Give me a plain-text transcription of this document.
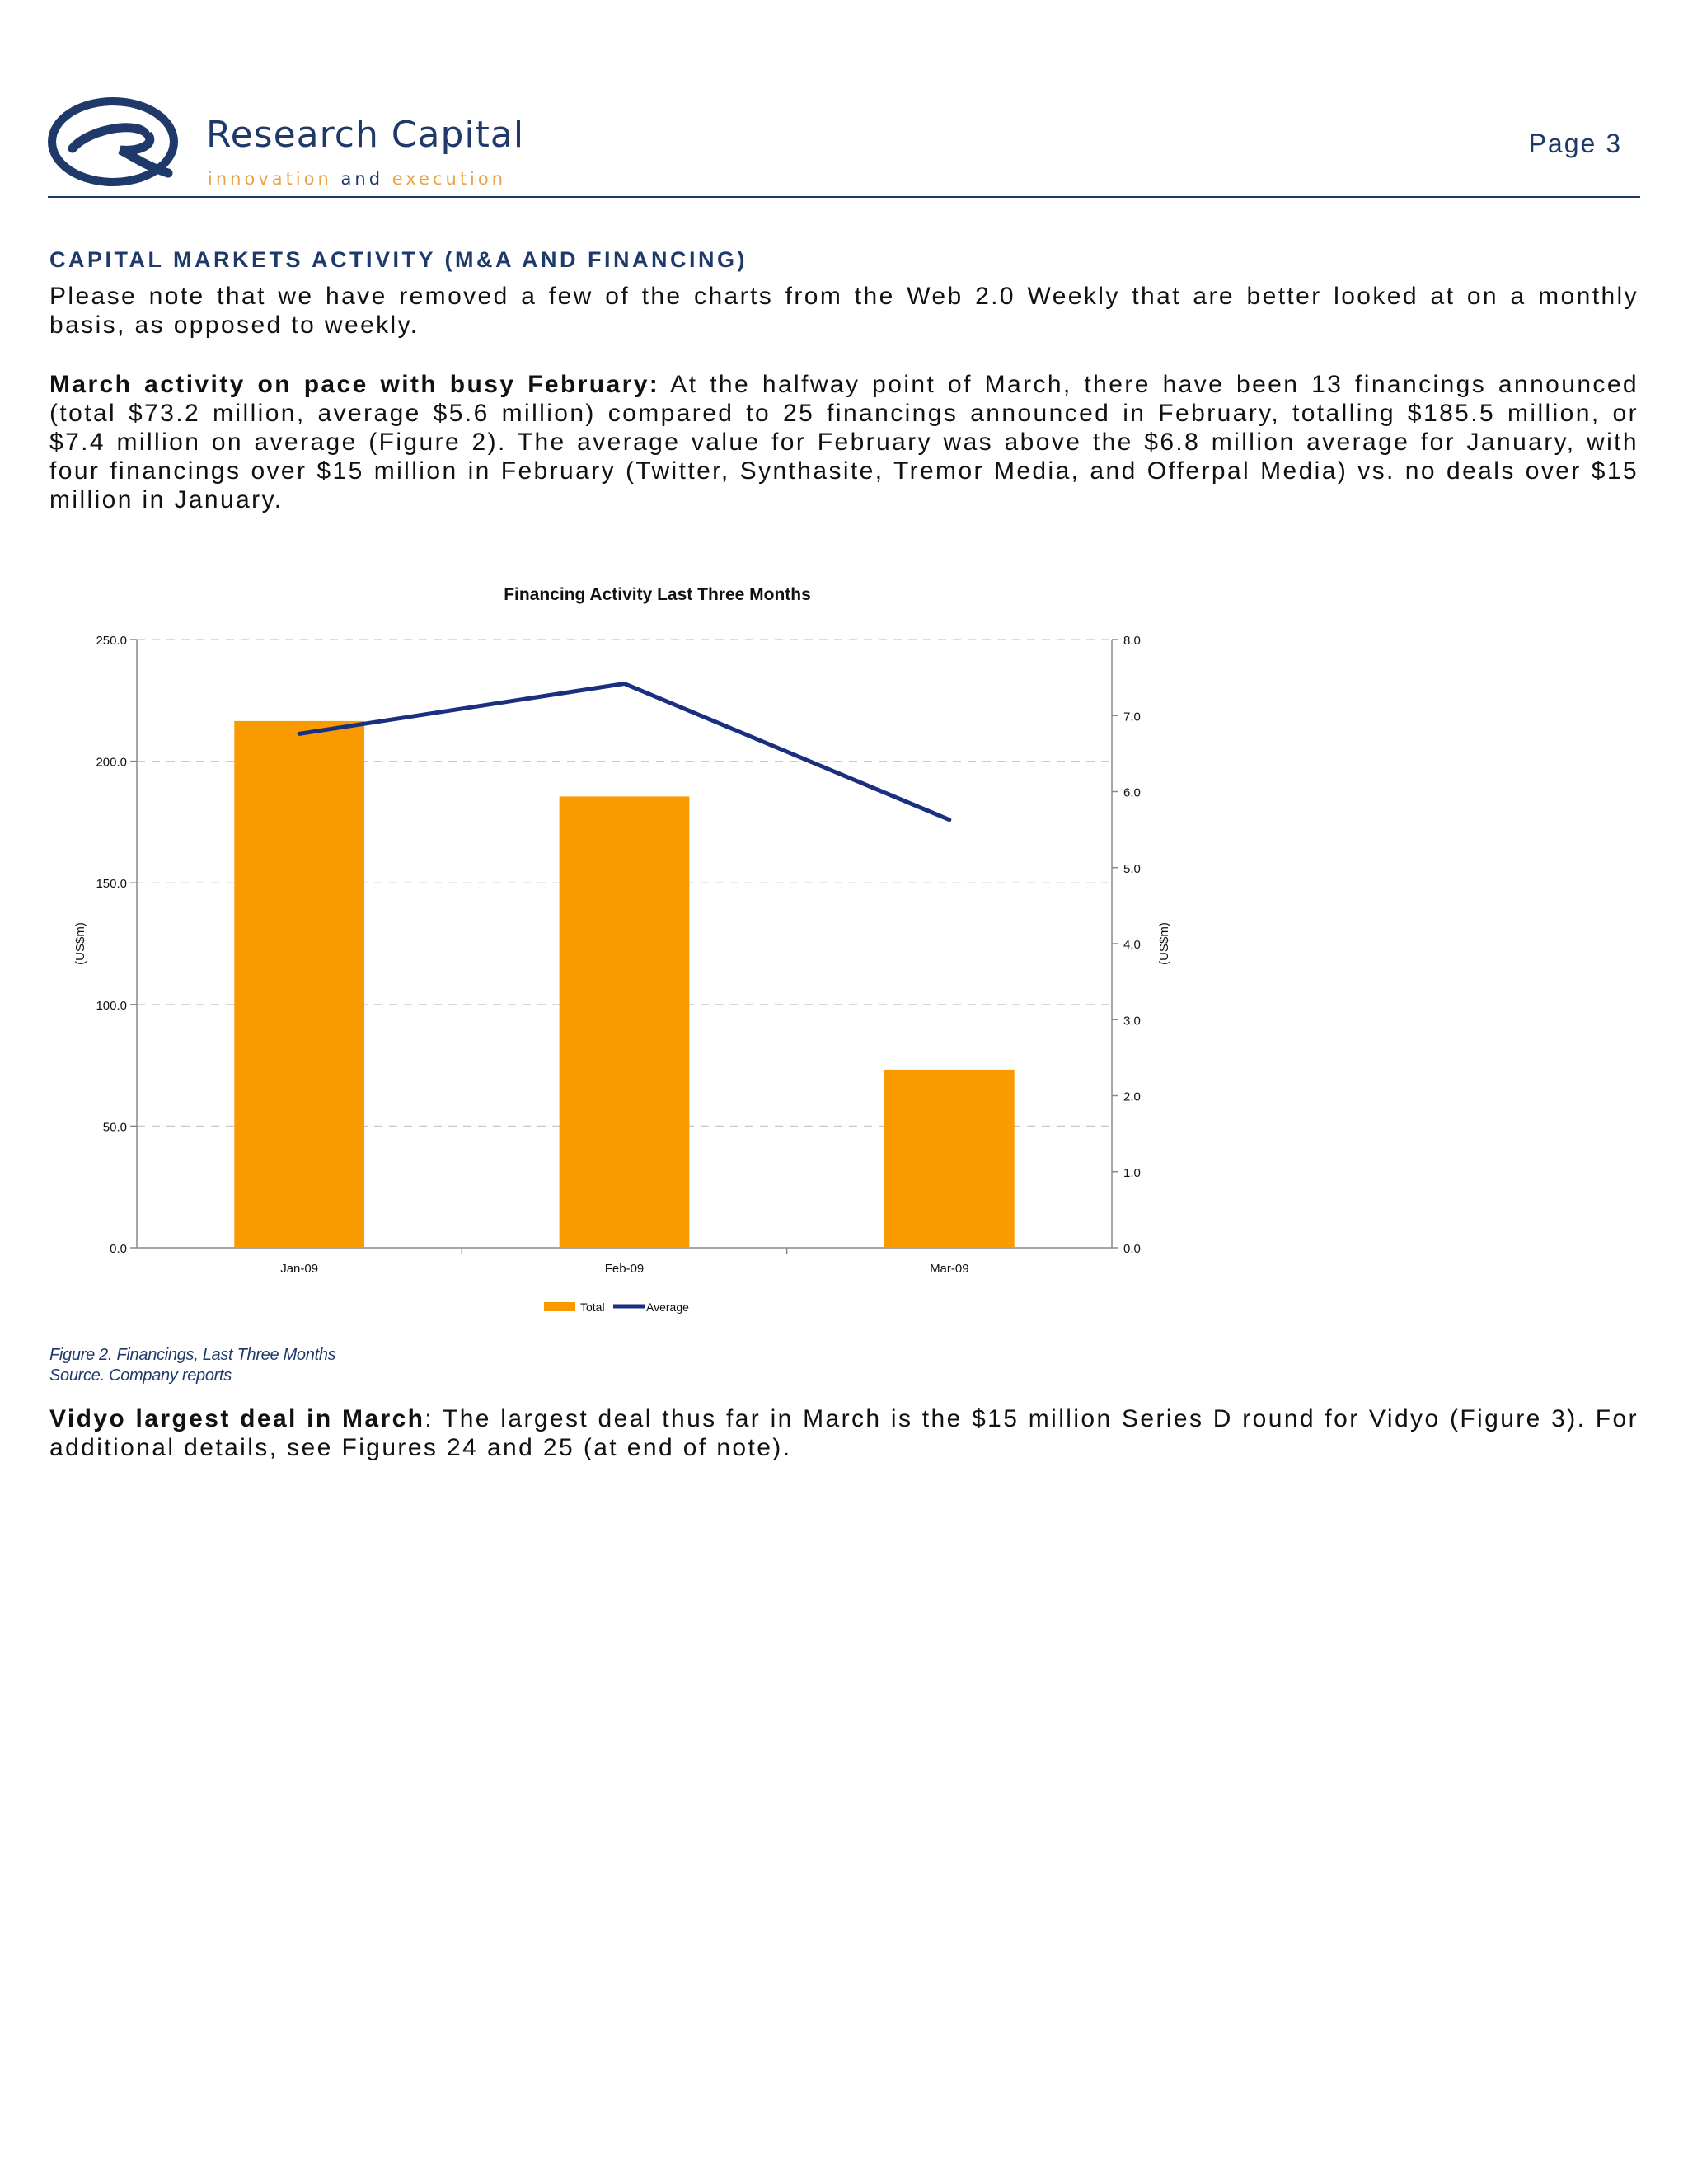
Research Capital
innovation and execution
Page 3
CAPITAL MARKETS ACTIVITY (M&A AND FINANCING)
Please note that we have removed a few of the charts from the Web 2.0 Weekly that are better looked at on a monthly basis, as opposed to weekly.
March activity on pace with busy February: At the halfway point of March, there have been 13 financings announced (total $73.2 million, average $5.6 million) compared to 25 financings announced in February, totalling $185.5 million, or $7.4 million on average (Figure 2). The average value for February was above the $6.8 million average for January, with four financings over $15 million in February (Twitter, Synthasite, Tremor Media, and Offerpal Media) vs. no deals over $15 million in January.
Financing Activity Last Three Months
0.0
50.0
100.0
150.0
200.0
250.0
0.0
1.0
2.0
3.0
4.0
5.0
6.0
7.0
8.0
(US$m)	(US$m)
Jan-09	Feb-09	Mar-09
Total	Average
Figure 2. Financings, Last Three Months
Source. Company reports
Vidyo largest deal in March: The largest deal thus far in March is the $15 million Series D round for Vidyo (Figure 3). For additional details, see Figures 24 and 25 (at end of note).
